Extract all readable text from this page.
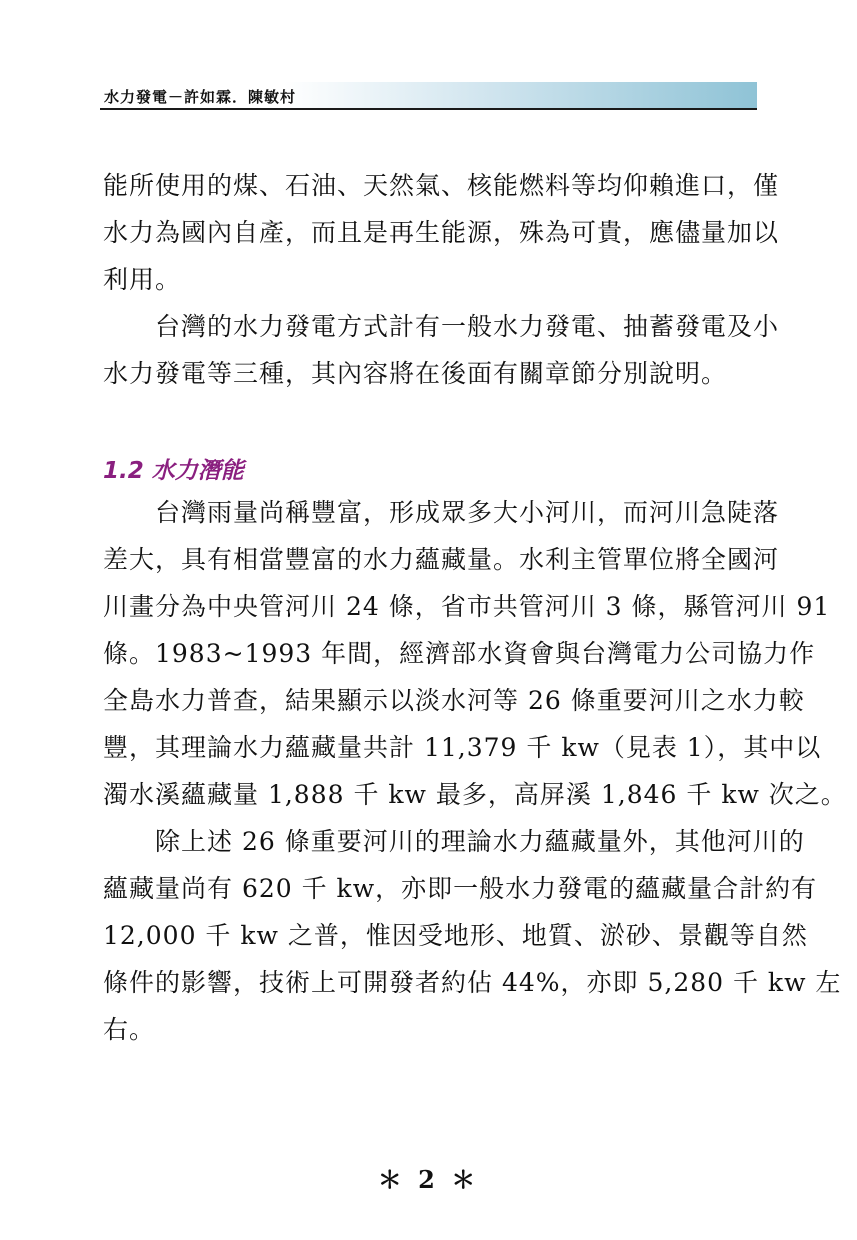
水力發電－許如霖．陳敏村
能所使用的煤、石油、天然氣、核能燃料等均仰賴進口，僅
水力為國內自產，而且是再生能源，殊為可貴，應儘量加以
利用。
台灣的水力發電方式計有一般水力發電、抽蓄發電及小
水力發電等三種，其內容將在後面有關章節分別說明。
1.2 水力潛能
台灣雨量尚稱豐富，形成眾多大小河川，而河川急陡落
差大，具有相當豐富的水力蘊藏量。水利主管單位將全國河
川畫分為中央管河川 24 條，省市共管河川 3 條，縣管河川 91
條。1983~1993 年間，經濟部水資會與台灣電力公司協力作
全島水力普查，結果顯示以淡水河等 26 條重要河川之水力較
豐，其理論水力蘊藏量共計 11,379 千 kw（見表 1），其中以
濁水溪蘊藏量 1,888 千 kw 最多，高屏溪 1,846 千 kw 次之。
除上述 26 條重要河川的理論水力蘊藏量外，其他河川的
蘊藏量尚有 620 千 kw，亦即一般水力發電的蘊藏量合計約有
12,000 千 kw 之普，惟因受地形、地質、淤砂、景觀等自然
條件的影響，技術上可開發者約佔 44%，亦即 5,280 千 kw 左
右。
＊ 2 ＊
